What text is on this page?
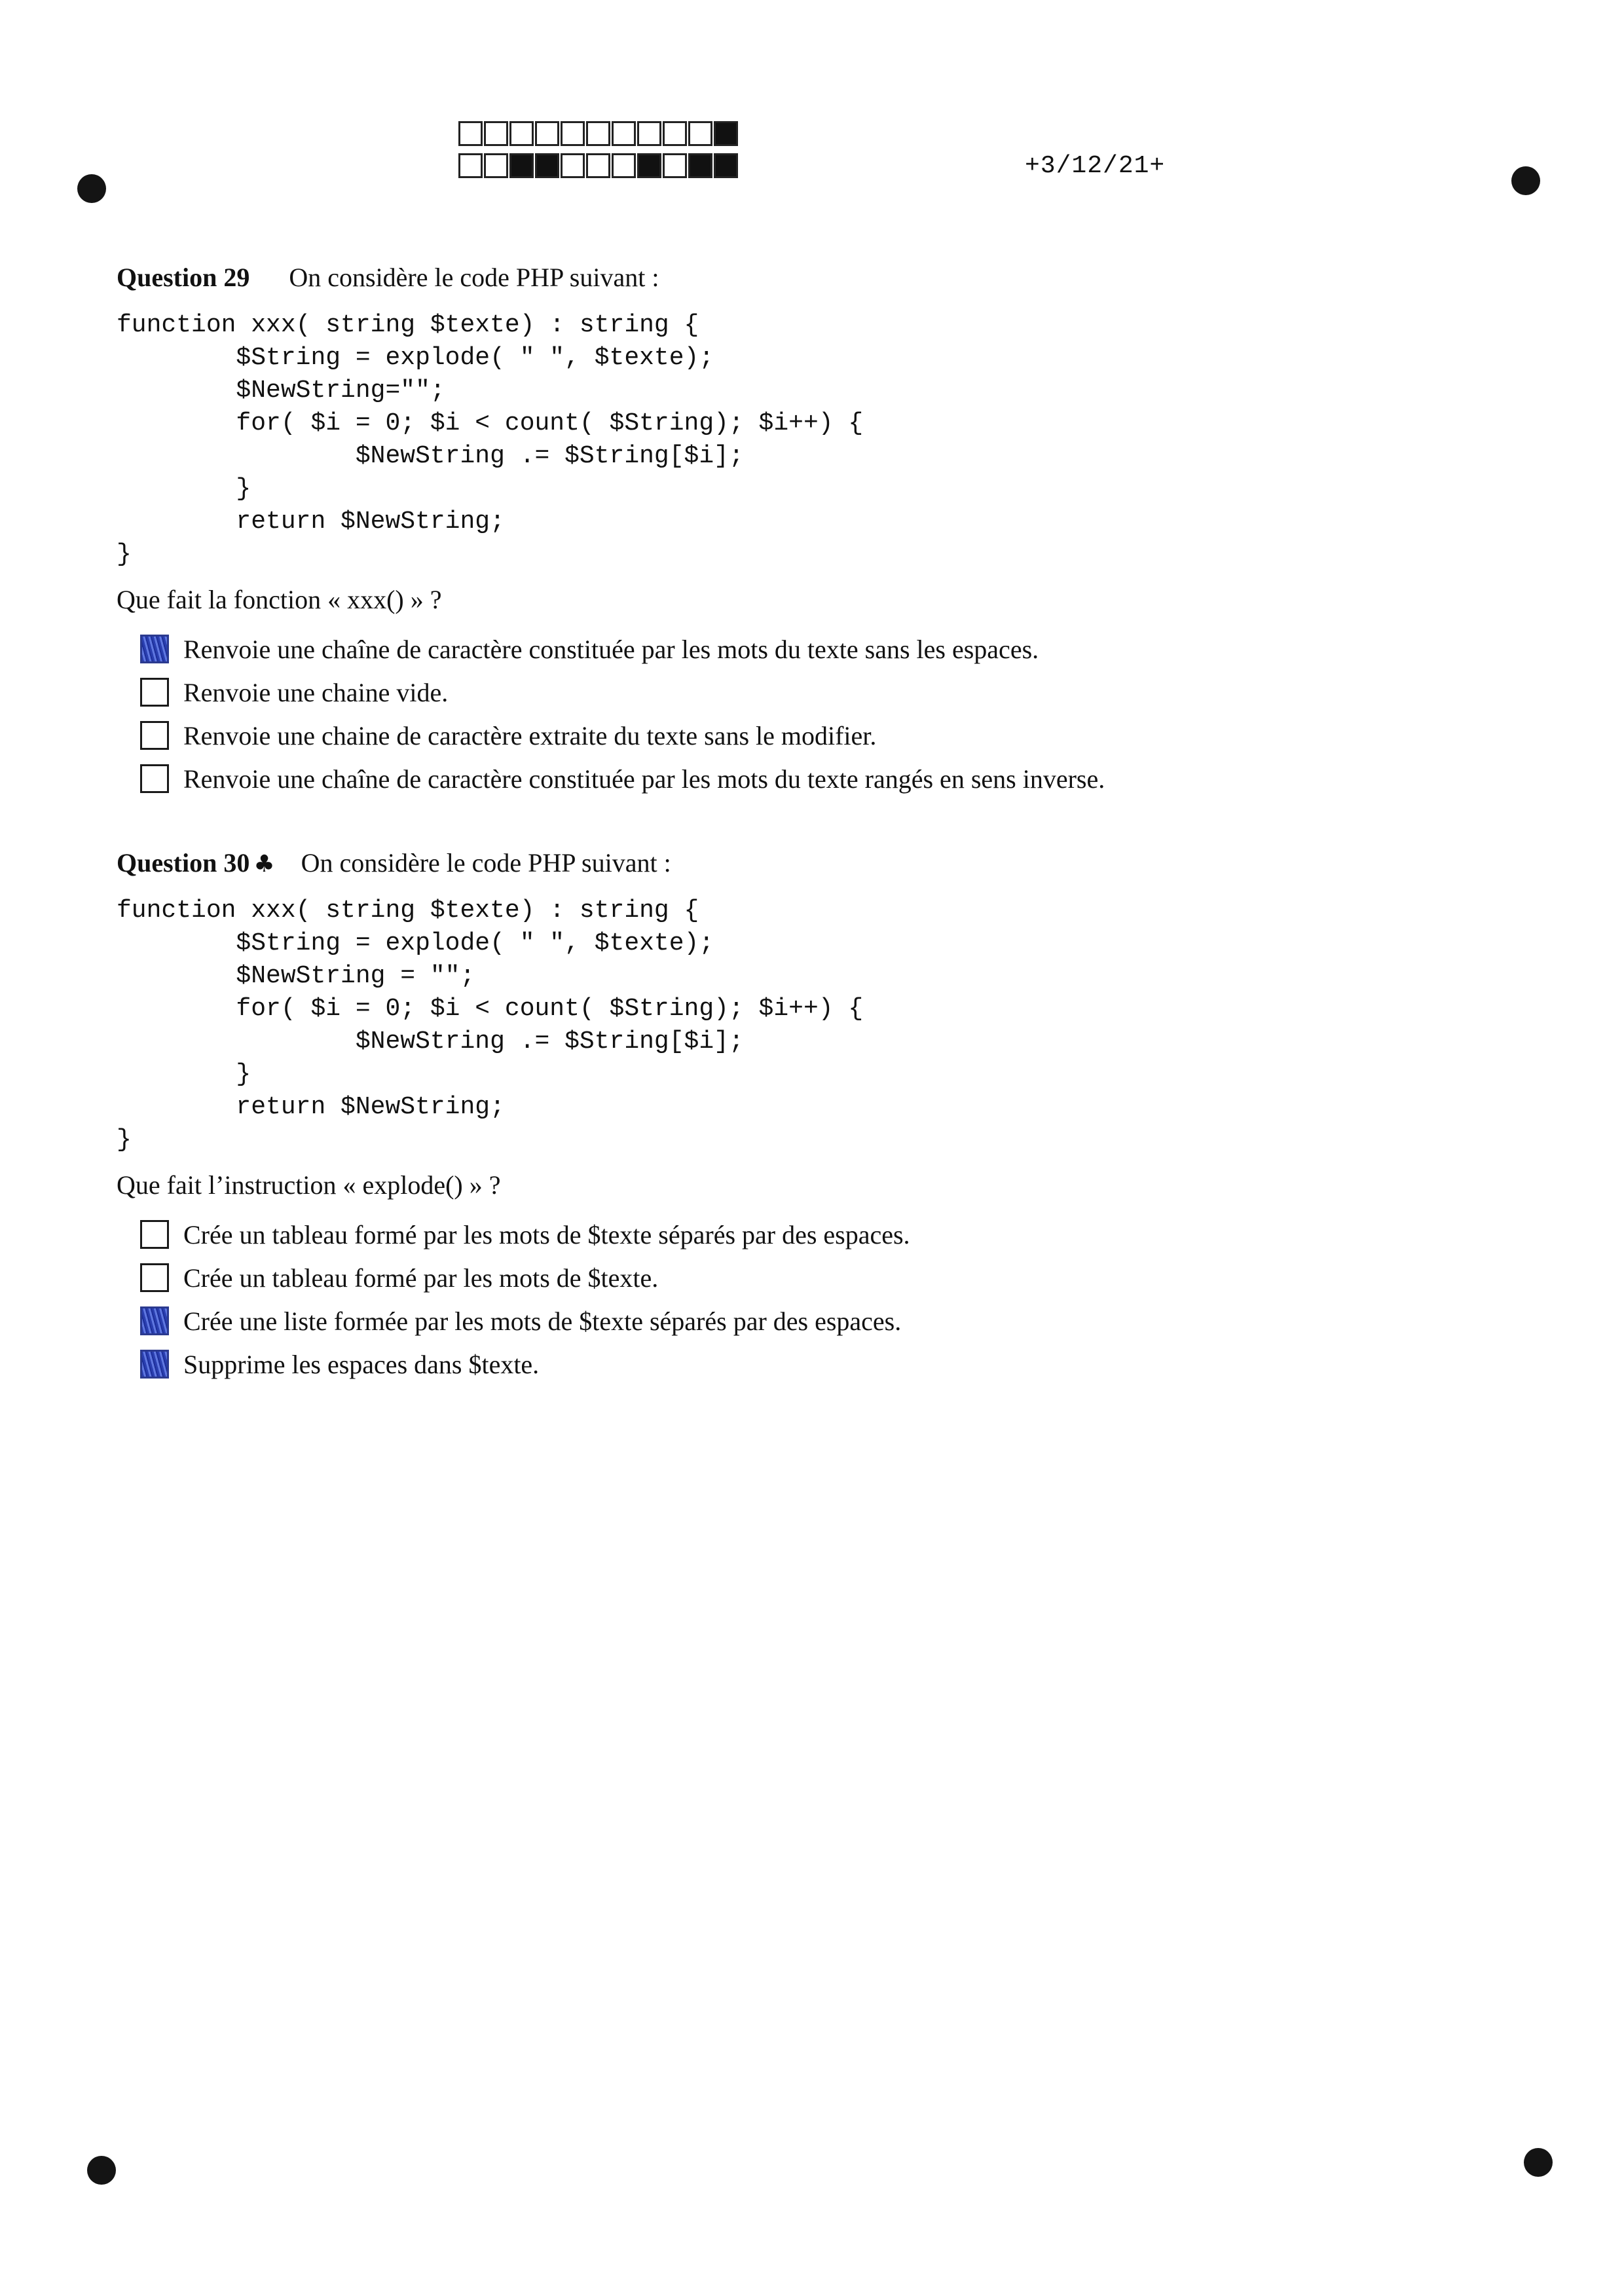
+3/12/21+
Question 29 On considère le code PHP suivant :
function xxx( string $texte) : string {
$String = explode( " ", $texte);
$NewString="";
for( $i = 0; $i < count( $String); $i++) {
$NewString .= $String[$i];
}
return $NewString;
}
Que fait la fonction « xxx() » ?
Renvoie une chaîne de caractère constituée par les mots du texte sans les espaces.
Renvoie une chaine vide.
Renvoie une chaine de caractère extraite du texte sans le modifier.
Renvoie une chaîne de caractère constituée par les mots du texte rangés en sens inverse.
Question 30 ♣ On considère le code PHP suivant :
function xxx( string $texte) : string {
$String = explode( " ", $texte);
$NewString = "";
for( $i = 0; $i < count( $String); $i++) {
$NewString .= $String[$i];
}
return $NewString;
}
Que fait l’instruction « explode() » ?
Crée un tableau formé par les mots de $texte séparés par des espaces.
Crée un tableau formé par les mots de $texte.
Crée une liste formée par les mots de $texte séparés par des espaces.
Supprime les espaces dans $texte.
